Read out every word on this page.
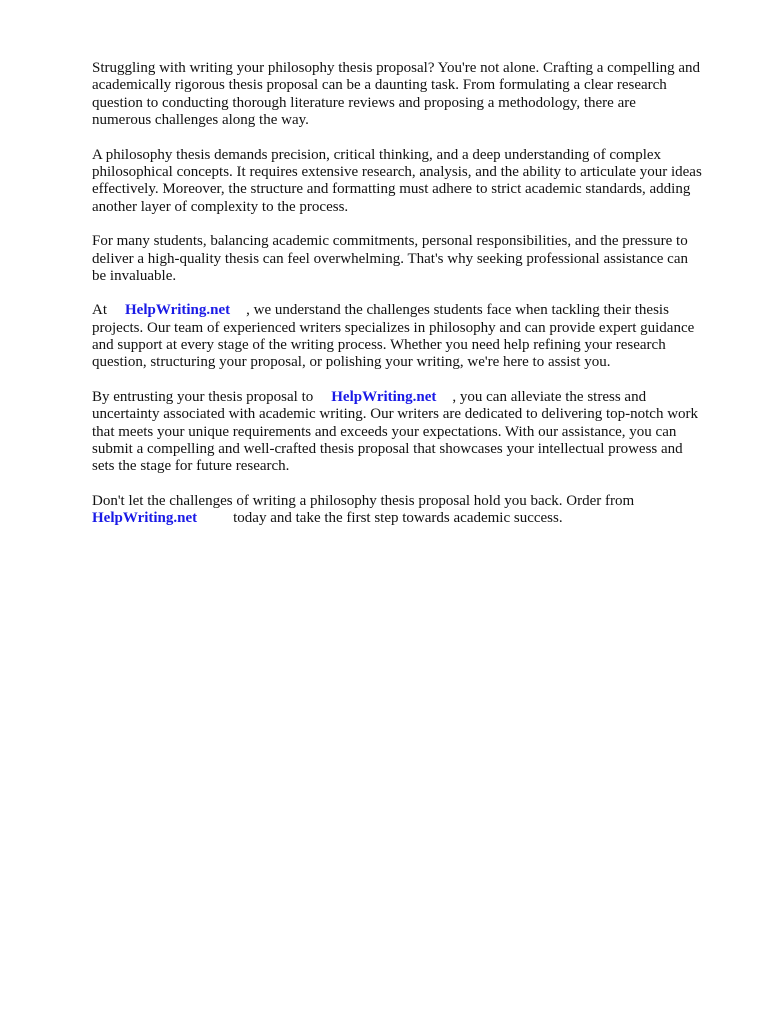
Struggling with writing your philosophy thesis proposal? You're not alone. Crafting a compelling and
academically rigorous thesis proposal can be a daunting task. From formulating a clear research
question to conducting thorough literature reviews and proposing a methodology, there are
numerous challenges along the way.

A philosophy thesis demands precision, critical thinking, and a deep understanding of complex
philosophical concepts. It requires extensive research, analysis, and the ability to articulate your ideas
effectively. Moreover, the structure and formatting must adhere to strict academic standards, adding
another layer of complexity to the process.

For many students, balancing academic commitments, personal responsibilities, and the pressure to
deliver a high-quality thesis can feel overwhelming. That's why seeking professional assistance can
be invaluable.

At HelpWriting.net , we understand the challenges students face when tackling their thesis
projects. Our team of experienced writers specializes in philosophy and can provide expert guidance
and support at every stage of the writing process. Whether you need help refining your research
question, structuring your proposal, or polishing your writing, we're here to assist you.

By entrusting your thesis proposal to HelpWriting.net , you can alleviate the stress and
uncertainty associated with academic writing. Our writers are dedicated to delivering top-notch work
that meets your unique requirements and exceeds your expectations. With our assistance, you can
submit a compelling and well-crafted thesis proposal that showcases your intellectual prowess and
sets the stage for future research.

Don't let the challenges of writing a philosophy thesis proposal hold you back. Order from
HelpWriting.net today and take the first step towards academic success.
